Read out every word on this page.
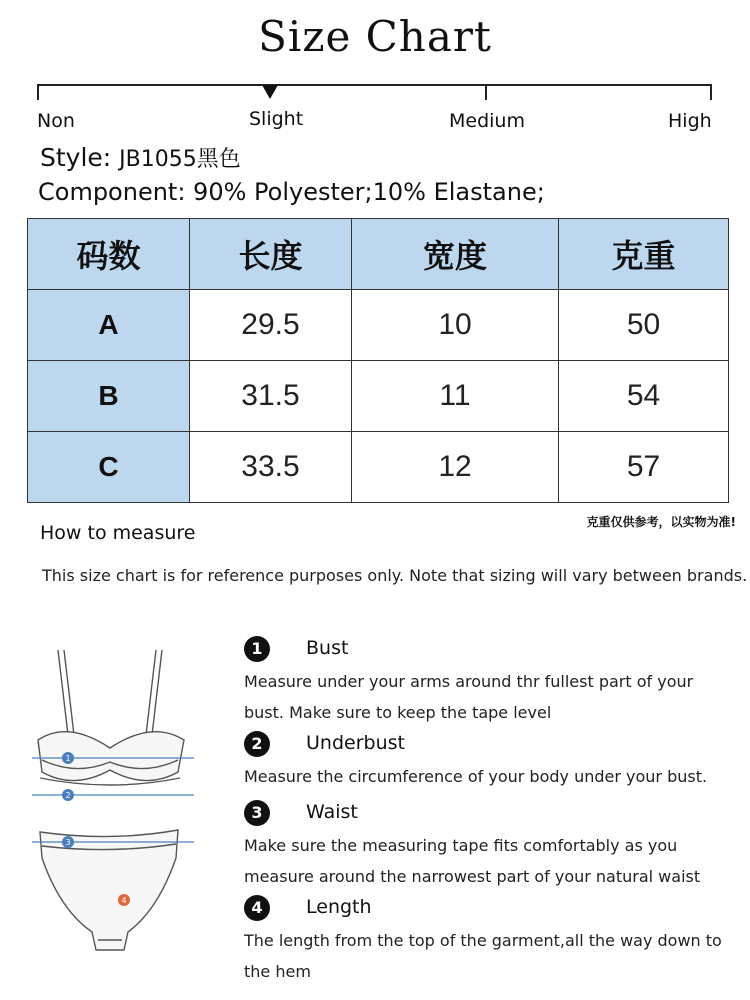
Size Chart
Non	Slight	Medium	High
Style: JB1055黑色
Component: 90% Polyester;10% Elastane;
码数	长度	宽度	克重
A	29.5	10	50
B	31.5	11	54
C	33.5	12	57
克重仅供参考，以实物为准!
How to measure
This size chart is for reference purposes only. Note that sizing will vary between brands.
1
2
3
4
1	Bust
Measure under your arms around thr fullest part of your bust. Make sure to keep the tape level
2	Underbust
Measure the circumference of your body under your bust.
3	Waist
Make sure the measuring tape fits comfortably as you measure around the narrowest part of your natural waist
4	Length
The length from the top of the garment,all the way down to the hem
